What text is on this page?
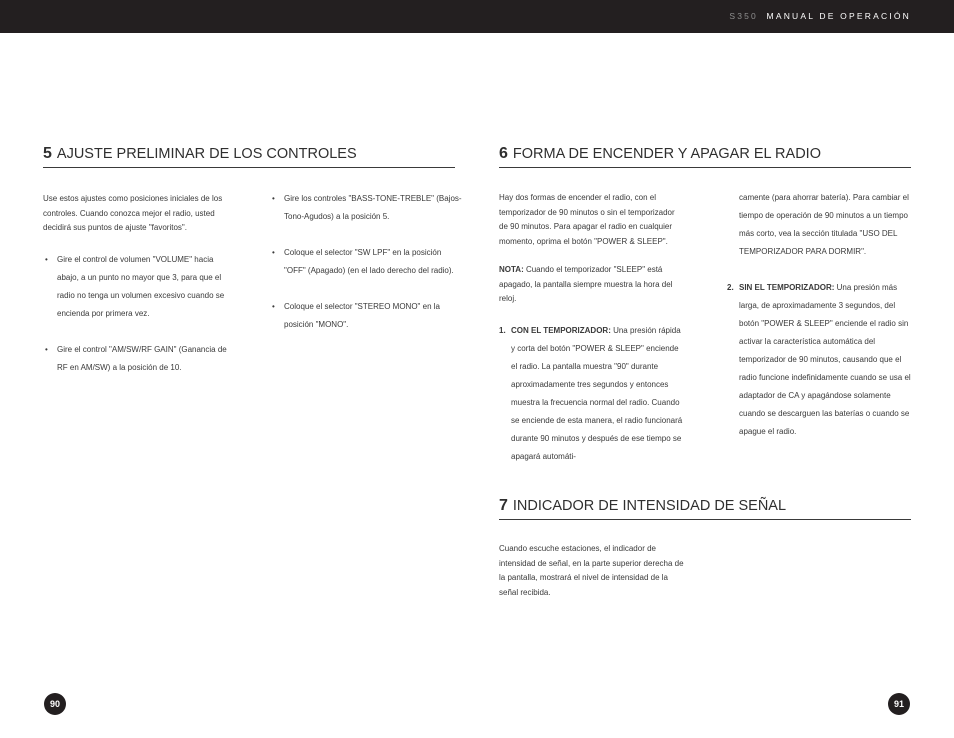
S350 MANUAL DE OPERACIÓN
5 AJUSTE PRELIMINAR DE LOS CONTROLES

Use estos ajustes como posiciones iniciales de los controles. Cuando conozca mejor el radio, usted decidirá sus puntos de ajuste "favoritos".

• Gire el control de volumen "VOLUME" hacia abajo, a un punto no mayor que 3, para que el radio no tenga un volumen excesivo cuando se encienda por primera vez.
• Gire el control "AM/SW/RF GAIN" (Ganancia de RF en AM/SW) a la posición de 10.
• Gire los controles "BASS-TONE-TREBLE" (Bajos-Tono-Agudos) a la posición 5.
• Coloque el selector "SW LPF" en la posición "OFF" (Apagado) (en el lado derecho del radio).
• Coloque el selector "STEREO MONO" en la posición "MONO".
6 FORMA DE ENCENDER Y APAGAR EL RADIO

Hay dos formas de encender el radio, con el temporizador de 90 minutos o sin el temporizador de 90 minutos. Para apagar el radio en cualquier momento, oprima el botón "POWER & SLEEP".

NOTA: Cuando el temporizador "SLEEP" está apagado, la pantalla siempre muestra la hora del reloj.

1. CON EL TEMPORIZADOR: Una presión rápida y corta del botón "POWER & SLEEP" enciende el radio. La pantalla muestra "90" durante aproximadamente tres segundos y entonces muestra la frecuencia normal del radio. Cuando se enciende de esta manera, el radio funcionará durante 90 minutos y después de ese tiempo se apagará automáti-

camente (para ahorrar batería). Para cambiar el tiempo de operación de 90 minutos a un tiempo más corto, vea la sección titulada "USO DEL TEMPORIZADOR PARA DORMIR".

2. SIN EL TEMPORIZADOR: Una presión más larga, de aproximadamente 3 segundos, del botón "POWER & SLEEP" enciende el radio sin activar la característica automática del temporizador de 90 minutos, causando que el radio funcione indefinidamente cuando se usa el adaptador de CA y apagándose solamente cuando se descarguen las baterías o cuando se apague el radio.
7 INDICADOR DE INTENSIDAD DE SEÑAL

Cuando escuche estaciones, el indicador de intensidad de señal, en la parte superior derecha de la pantalla, mostrará el nivel de intensidad de la señal recibida.

90	91
